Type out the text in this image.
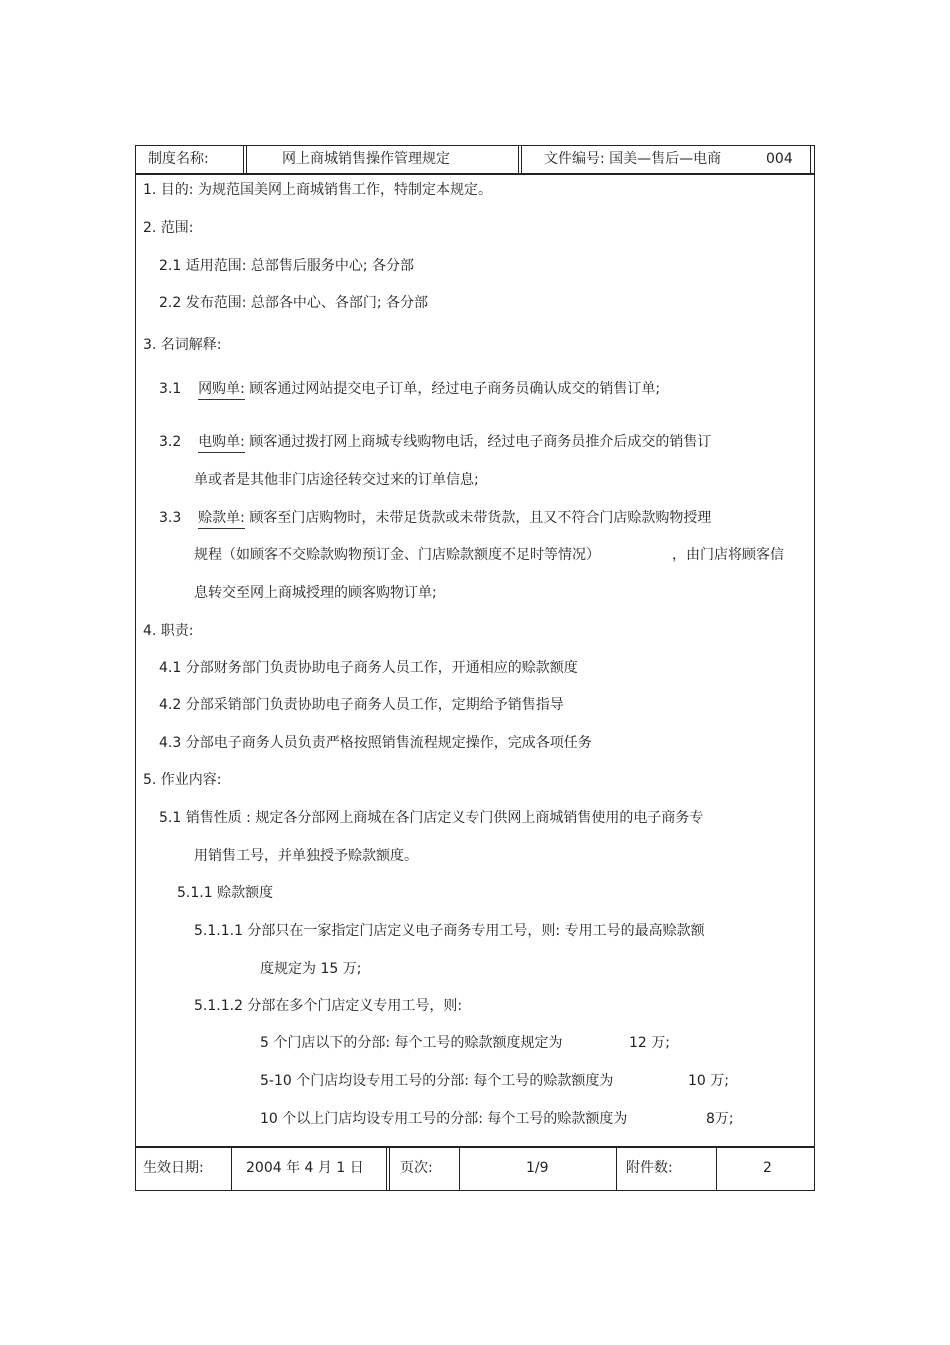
制度名称:	网上商城销售操作管理规定	文件编号: 国美—售后—电商	004
1. 目的: 为规范国美网上商城销售工作，特制定本规定。
2. 范围:
2.1 适用范围: 总部售后服务中心; 各分部
2.2 发布范围: 总部各中心、各部门; 各分部
3. 名词解释:
3.1 网购单: 顾客通过网站提交电子订单，经过电子商务员确认成交的销售订单;
3.2 电购单: 顾客通过拨打网上商城专线购物电话，经过电子商务员推介后成交的销售订
单或者是其他非门店途径转交过来的订单信息;
3.3 赊款单: 顾客至门店购物时，未带足货款或未带货款，且又不符合门店赊款购物授理
规程（如顾客不交赊款购物预订金、门店赊款额度不足时等情况）	，由门店将顾客信
息转交至网上商城授理的顾客购物订单;
4. 职责:
4.1 分部财务部门负责协助电子商务人员工作，开通相应的赊款额度
4.2 分部采销部门负责协助电子商务人员工作，定期给予销售指导
4.3 分部电子商务人员负责严格按照销售流程规定操作，完成各项任务
5. 作业内容:
5.1 销售性质 : 规定各分部网上商城在各门店定义专门供网上商城销售使用的电子商务专
用销售工号，并单独授予赊款额度。
5.1.1 赊款额度
5.1.1.1 分部只在一家指定门店定义电子商务专用工号，则: 专用工号的最高赊款额
度规定为 15 万;
5.1.1.2 分部在多个门店定义专用工号，则:
5 个门店以下的分部: 每个工号的赊款额度规定为	12 万;
5-10 个门店均设专用工号的分部: 每个工号的赊款额度为	10 万;
10 个以上门店均设专用工号的分部: 每个工号的赊款额度为	8万;
生效日期:	2004 年 4 月 1 日	页次:	1/9	附件数:	2
